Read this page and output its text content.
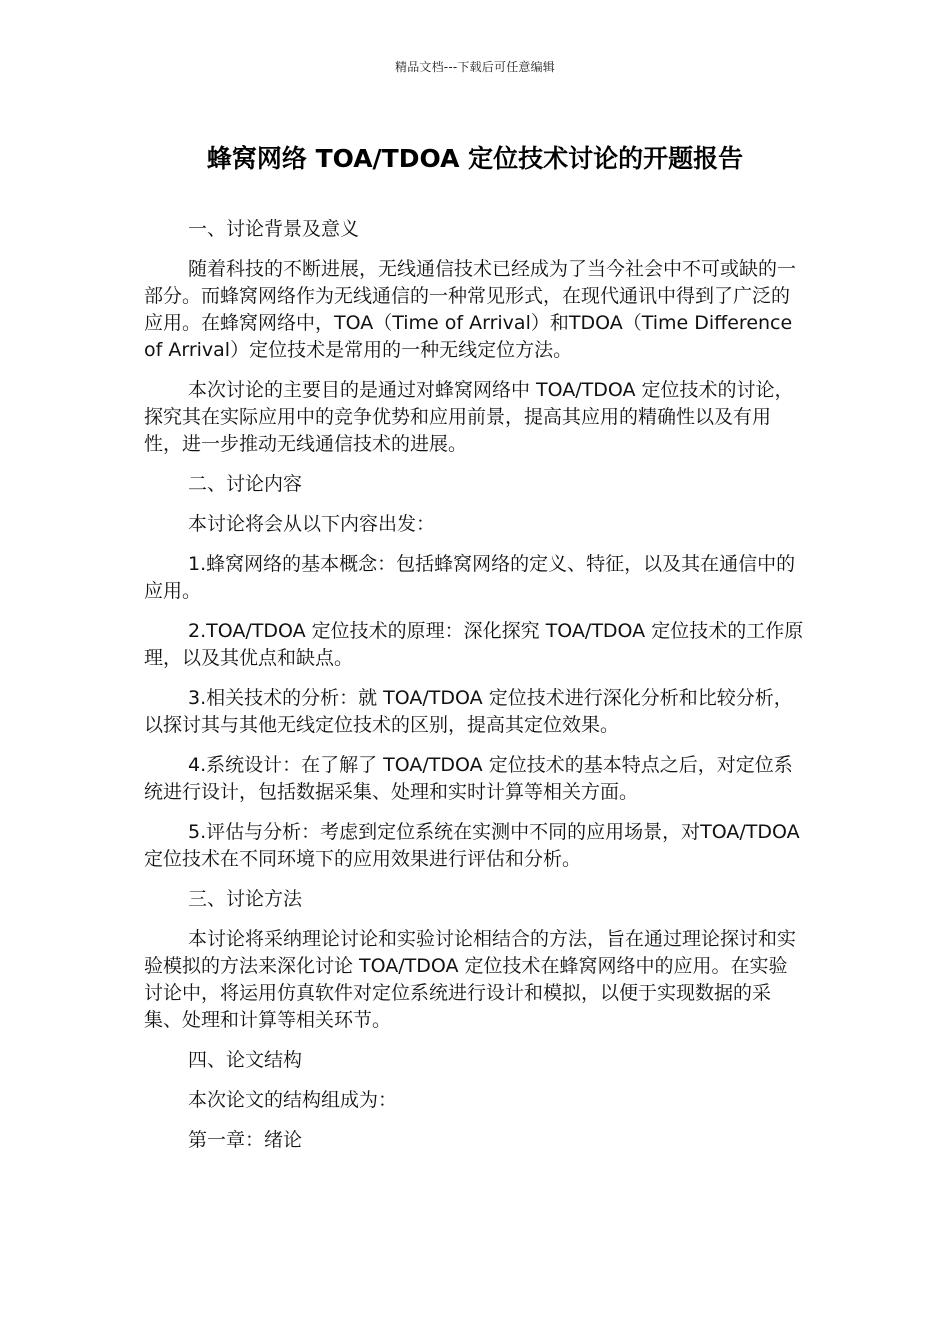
精品文档---下载后可任意编辑
蜂窝网络 TOA/TDOA 定位技术讨论的开题报告

一、讨论背景及意义

随着科技的不断进展，无线通信技术已经成为了当今社会中不可或缺的一部分。而蜂窝网络作为无线通信的一种常见形式，在现代通讯中得到了广泛的应用。在蜂窝网络中，TOA（Time of Arrival）和TDOA（Time Difference of Arrival）定位技术是常用的一种无线定位方法。

本次讨论的主要目的是通过对蜂窝网络中 TOA/TDOA 定位技术的讨论，探究其在实际应用中的竞争优势和应用前景，提高其应用的精确性以及有用性，进一步推动无线通信技术的进展。

二、讨论内容

本讨论将会从以下内容出发：

1.蜂窝网络的基本概念：包括蜂窝网络的定义、特征，以及其在通信中的应用。

2.TOA/TDOA 定位技术的原理：深化探究 TOA/TDOA 定位技术的工作原理，以及其优点和缺点。

3.相关技术的分析：就 TOA/TDOA 定位技术进行深化分析和比较分析，以探讨其与其他无线定位技术的区别，提高其定位效果。

4.系统设计：在了解了 TOA/TDOA 定位技术的基本特点之后，对定位系统进行设计，包括数据采集、处理和实时计算等相关方面。

5.评估与分析：考虑到定位系统在实测中不同的应用场景，对TOA/TDOA 定位技术在不同环境下的应用效果进行评估和分析。

三、讨论方法

本讨论将采纳理论讨论和实验讨论相结合的方法，旨在通过理论探讨和实验模拟的方法来深化讨论 TOA/TDOA 定位技术在蜂窝网络中的应用。在实验讨论中，将运用仿真软件对定位系统进行设计和模拟，以便于实现数据的采集、处理和计算等相关环节。

四、论文结构

本次论文的结构组成为：

第一章：绪论
